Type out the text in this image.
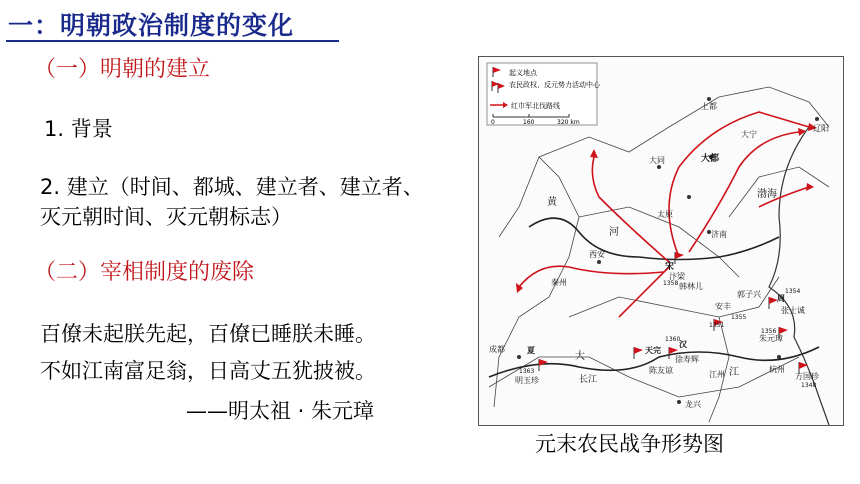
一：明朝政治制度的变化
（一）明朝的建立
1. 背景
2. 建立（时间、都城、建立者、建立者、灭元朝时间、灭元朝标志）
（二）宰相制度的废除
百僚未起朕先起，百僚已睡朕未睡。
不如江南富足翁，日高丈五犹披被。
——明太祖 · 朱元璋
起义地点
农民政权、反元势力活动中心
红巾军北伐路线
0	160	320 km
大都
上都
辽阳
大宁
大同
太原
济南
渤海
宋
汴梁
韩林儿
安丰
徐寿辉
陈友谅
天完
汉
张士诚
周
朱元璋
郭子兴
方国珍
明玉珍
夏
成都
杭州
江州
龙兴
秦州
西安
长江
黄
河
江
大
1351
1355
1358
1360
1363
1354
1356
1348
元末农民战争形势图
